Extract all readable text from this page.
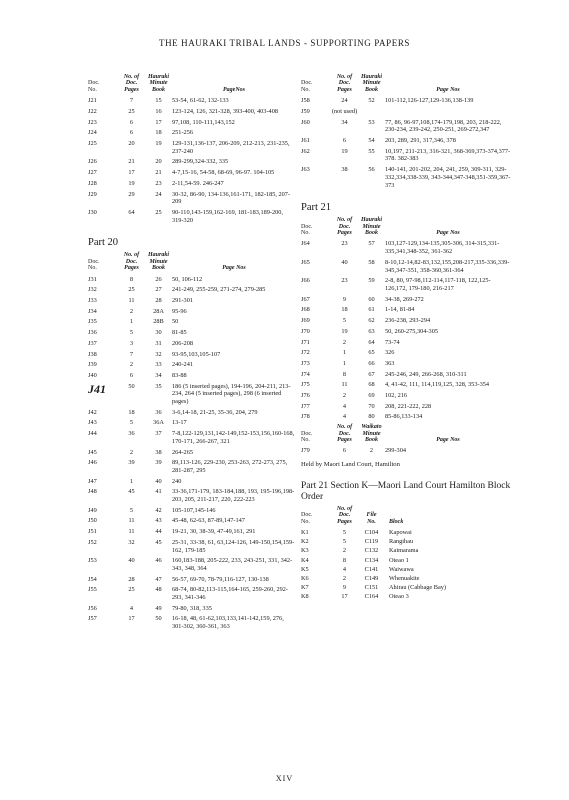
THE HAURAKI TRIBAL LANDS - SUPPORTING PAPERS
Doc.
No.
No. of
Doc.
Pages
Hauraki
Minute
Book	PageNos
J21	7	15	53-54, 61-62, 132-133
J22	25	16	123-124, 126, 321-328, 393-400, 403-408
J23	6	17	97,108, 110-111,143,152
J24	6	18	251-256
J25	20	19	129-131,136-137, 206-209, 212-213, 231-235, 237-240
J26	21	20	289-299,324-332, 335
J27	17	21	4-7,15-16, 54-58, 68-69, 96-97. 104-105
J28	19	23	2-11,54-59. 246-247
J29	29	24	30-32, 86-90, 134-136,161-171, 182-185, 207-209
J30	64	25	90-110,143-159,162-169, 181-183,189-200, 319-320
Part 20
Doc.
No.
No. of
Doc.
Pages
Hauraki
Minute
Book	Page Nos
J31	8	26	50, 106-112
J32	25	27	241-249, 255-259, 271-274, 279-285
J33	11	28	291-301
J34	2	28A	95-96
J35	1	28B	50
J36	5	30	81-85
J37	3	31	206-208
J38	7	32	93-95,103,105-107
J39	2	33	240-241
J40	6	34	83-88
J41	50	35	186 (5 inserted pages), 194-196, 204-211, 213-234, 264 (5 inserted pages), 298 (6 inserted pages)
J42	18	36	3-6,14-18, 21-25, 35-36, 204, 279
J43	5	36A	13-17
J44	36	37	7-8,122-129,131,142-149,152-153,156,160-168, 170-171, 266-267, 321
J45	2	38	264-265
J46	39	39	89,113-126, 229-230, 253-263, 272-273, 275, 281-287, 295
J47	1	40	240
J48	45	41	33-36,171-179, 183-184,188, 193, 195-196,198-203, 205, 211-217, 220, 222-223
J49	5	42	105-107,145-146
J50	11	43	45-48, 62-63, 87-89,147-147
J51	11	44	19-21, 30, 38-39, 47-49,161, 291
J52	32	45	25-31, 33-38, 61, 63,124-126, 149-150,154,159-162, 179-185
J53	40	46	160,183-188, 205-222, 233, 243-251, 331, 342-343, 348, 364
J54	28	47	56-57, 69-70, 78-79,116-127, 130-138
J55	25	48	68-74, 80-82,113-115,164-165, 259-260, 292-293, 341-346
J56	4	49	79-80, 318, 335
J57	17	50	16-18, 48, 61-62,103,133,141-142,159, 276, 301-302, 360-361, 363
Doc.
No.
No. of
Doc.
Pages
Hauraki
Minute
Book	Page Nos
J58	24	52	101-112,126-127,129-136,138-139
J59	(not used)
J60	34	53	77, 86, 96-97,108,174-179,198, 203, 218-222, 230-234, 239-242, 250-251, 269-272,347
J61	6	54	203, 289, 291, 317,346, 378
J62	19	55	10,197, 211-213, 316-321, 368-369,373-374,377-378. 382-383
J63	38	56	140-141, 201-202, 204, 241, 259, 309-311, 329-332,334,338-339, 343-344,347-348,351-359,367-373
Part 21
Doc.
No.
No. of
Doc.
Pages
Hauraki
Minute
Book	Page Nos
J64	23	57	103,127-129,134-135,305-306, 314-315,331-335,341,348-352, 361-362
J65	40	58	8-10,12-14,82-83,132,155,208-217,335-336,339-345,347-351, 358-360,361-364
J66	23	59	2-8, 80, 97-98,112-114,117-118, 122,125-126,172, 179-180, 216-217
J67	9	60	34-38, 269-272
J68	18	61	1-14, 81-84
J69	5	62	236-238, 293-294
J70	19	63	50, 260-275,304-305
J71	2	64	73-74
J72	1	65	326
J73	1	66	363
J74	8	67	245-246, 249, 266-268, 310-311
J75	11	68	4, 41-42, 111, 114,119,125, 328, 353-354
J76	2	69	102, 216
J77	4	70	208, 221-222, 228
J78	4	80	85-86,133-134
Doc.
No.
No. of
Doc.
Pages
Waikato
Minute
Book	Page Nos
J79	6	2	299-304
Held by Maori Land Court, Hamilton
Part 21 Section K—Maori Land Court Hamilton Block Order
Doc.
No.
No. of
Doc.
Pages
File
No.	Block
K1	5	C104	Kapowai
K2	5	C119	Rangihau
K3	2	C132	Kaimarama
K4	8	C134	Oteao 1
K5	4	C141	Waiwawa
K6	2	C149	Whenuakite
K7	9	C151	Ahirau (Cabbage Bay)
K8	17	C164	Oteao 3
XIV
